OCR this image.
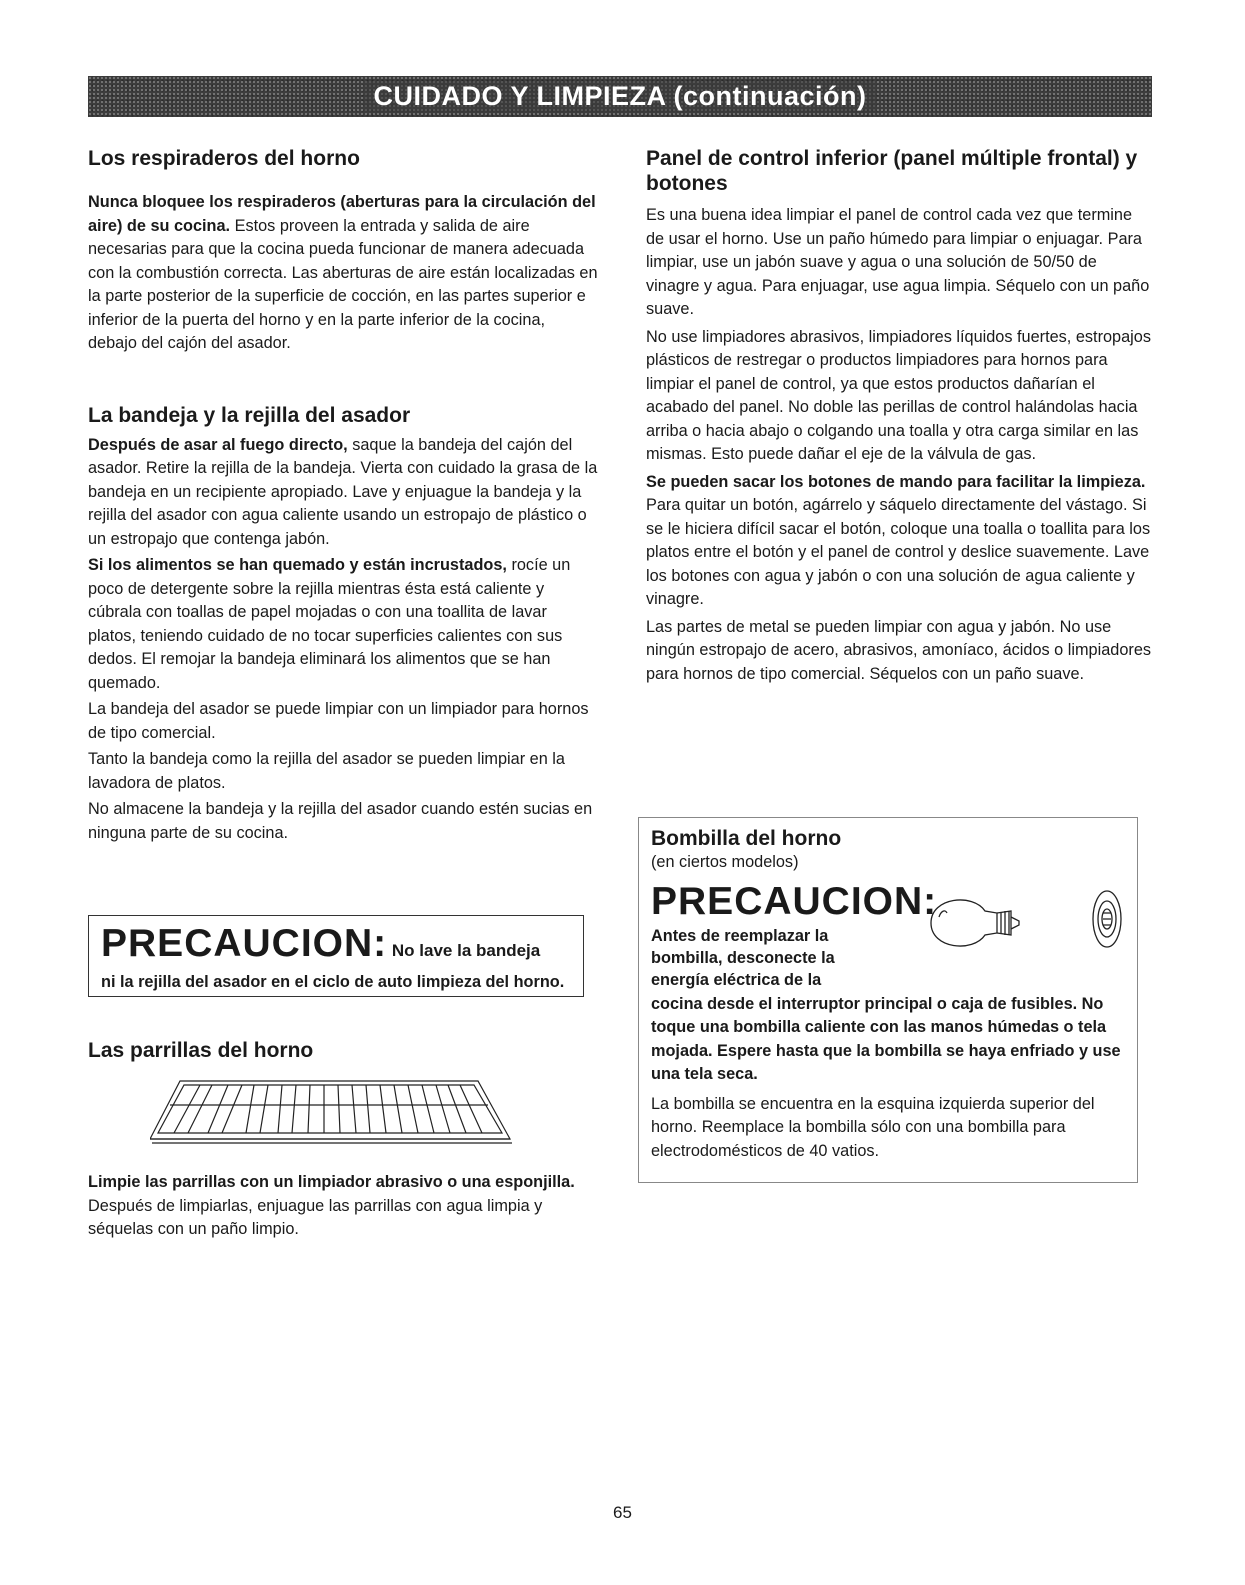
CUIDADO Y LIMPIEZA (continuación)
Los respiraderos del horno

Nunca bloquee los respiraderos (aberturas para la circulación del aire) de su cocina. Estos proveen la entrada y salida de aire necesarias para que la cocina pueda funcionar de manera adecuada con la combustión correcta. Las aberturas de aire están localizadas en la parte posterior de la superficie de cocción, en las partes superior e inferior de la puerta del horno y en la parte inferior de la cocina, debajo del cajón del asador.

La bandeja y la rejilla del asador

Después de asar al fuego directo, saque la bandeja del cajón del asador. Retire la rejilla de la bandeja. Vierta con cuidado la grasa de la bandeja en un recipiente apropiado. Lave y enjuague la bandeja y la rejilla del asador con agua caliente usando un estropajo de plástico o un estropajo que contenga jabón.

Si los alimentos se han quemado y están incrustados, rocíe un poco de detergente sobre la rejilla mientras ésta está caliente y cúbrala con toallas de papel mojadas o con una toallita de lavar platos, teniendo cuidado de no tocar superficies calientes con sus dedos. El remojar la bandeja eliminará los alimentos que se han quemado.

La bandeja del asador se puede limpiar con un limpiador para hornos de tipo comercial.

Tanto la bandeja como la rejilla del asador se pueden limpiar en la lavadora de platos.

No almacene la bandeja y la rejilla del asador cuando estén sucias en ninguna parte de su cocina.

PRECAUCION: No lave la bandeja
ni la rejilla del asador en el ciclo de auto limpieza del horno.
Las parrillas del horno

Limpie las parrillas con un limpiador abrasivo o una esponjilla. Después de limpiarlas, enjuague las parrillas con agua limpia y séquelas con un paño limpio.

Panel de control inferior (panel múltiple frontal) y botones

Es una buena idea limpiar el panel de control cada vez que termine de usar el horno. Use un paño húmedo para limpiar o enjuagar. Para limpiar, use un jabón suave y agua o una solución de 50/50 de vinagre y agua. Para enjuagar, use agua limpia. Séquelo con un paño suave.

No use limpiadores abrasivos, limpiadores líquidos fuertes, estropajos plásticos de restregar o productos limpiadores para hornos para limpiar el panel de control, ya que estos productos dañarían el acabado del panel. No doble las perillas de control halándolas hacia arriba o hacia abajo o colgando una toalla y otra carga similar en las mismas. Esto puede dañar el eje de la válvula de gas.

Se pueden sacar los botones de mando para facilitar la limpieza. Para quitar un botón, agárrelo y sáquelo directamente del vástago. Si se le hiciera difícil sacar el botón, coloque una toalla o toallita para los platos entre el botón y el panel de control y deslice suavemente. Lave los botones con agua y jabón o con una solución de agua caliente y vinagre.

Las partes de metal se pueden limpiar con agua y jabón. No use ningún estropajo de acero, abrasivos, amoníaco, ácidos o limpiadores para hornos de tipo comercial. Séquelos con un paño suave.

Bombilla del horno

(en ciertos modelos)

PRECAUCION:
Antes de reemplazar la
bombilla, desconecte la
energía eléctrica de la

cocina desde el interruptor principal o caja de fusibles. No toque una bombilla caliente con las manos húmedas o tela mojada. Espere hasta que la bombilla se haya enfriado y use una tela seca.

La bombilla se encuentra en la esquina izquierda superior del horno. Reemplace la bombilla sólo con una bombilla para electrodomésticos de 40 vatios.

65
